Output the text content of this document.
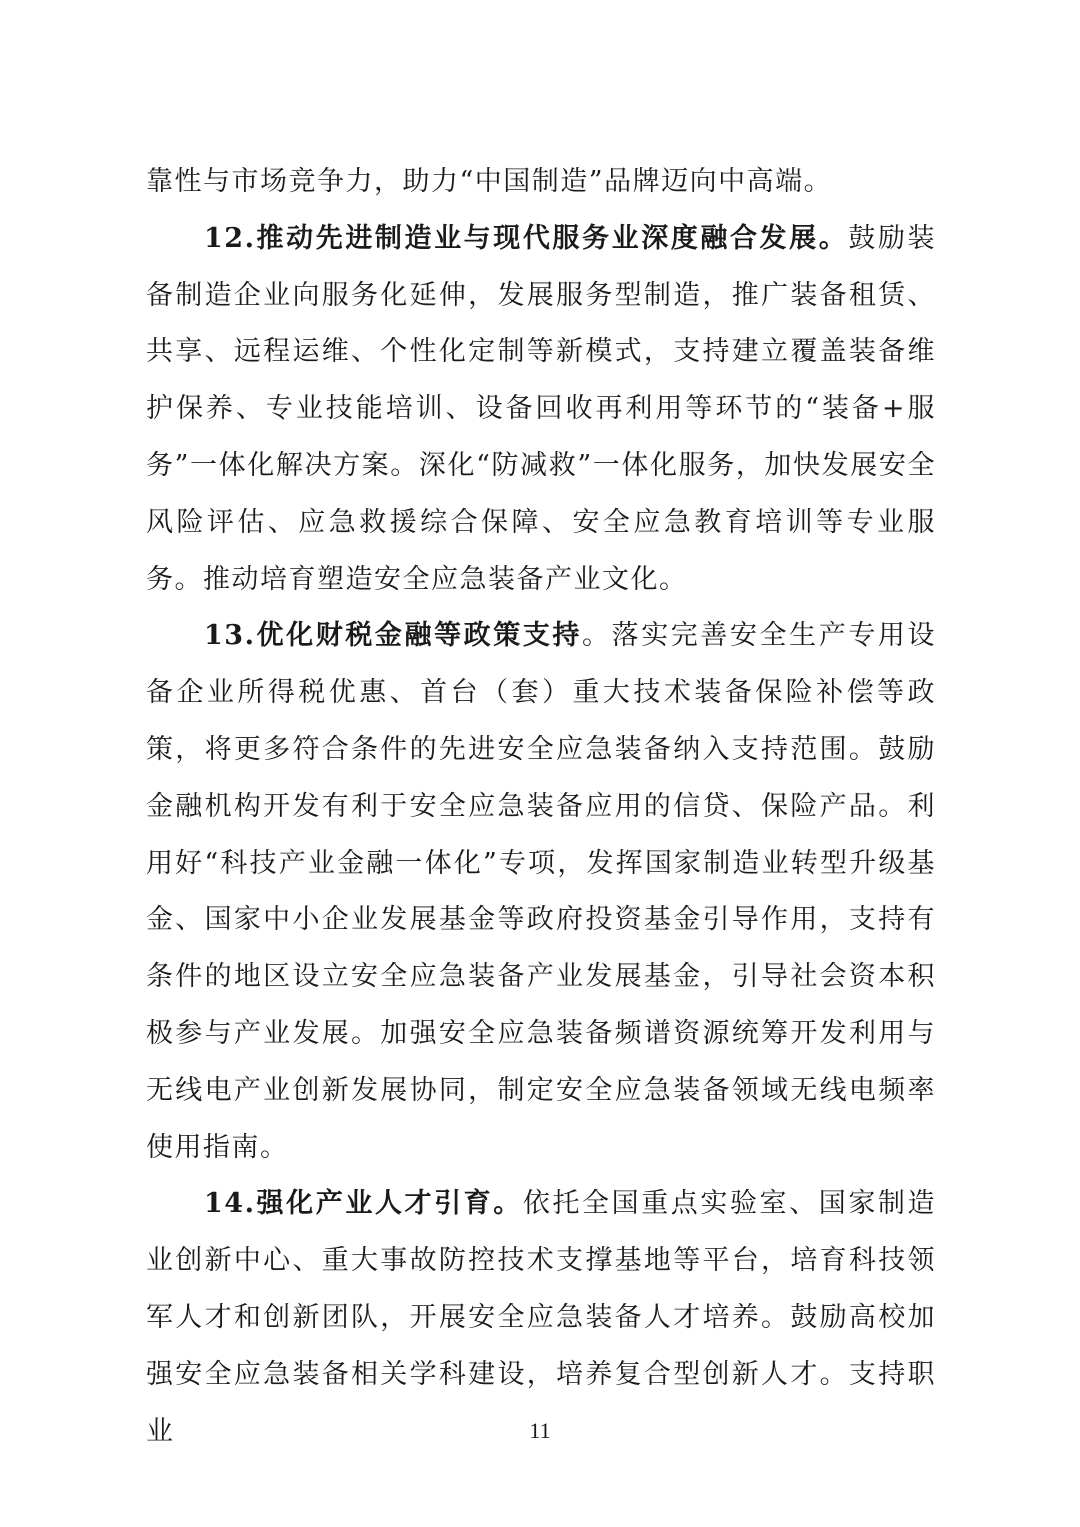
靠性与市场竞争力，助力“中国制造”品牌迈向中高端。

12.推动先进制造业与现代服务业深度融合发展。鼓励装备制造企业向服务化延伸，发展服务型制造，推广装备租赁、共享、远程运维、个性化定制等新模式，支持建立覆盖装备维护保养、专业技能培训、设备回收再利用等环节的“装备+服务”一体化解决方案。深化“防减救”一体化服务，加快发展安全风险评估、应急救援综合保障、安全应急教育培训等专业服务。推动培育塑造安全应急装备产业文化。

13.优化财税金融等政策支持。落实完善安全生产专用设备企业所得税优惠、首台（套）重大技术装备保险补偿等政策，将更多符合条件的先进安全应急装备纳入支持范围。鼓励金融机构开发有利于安全应急装备应用的信贷、保险产品。利用好“科技产业金融一体化”专项，发挥国家制造业转型升级基金、国家中小企业发展基金等政府投资基金引导作用，支持有条件的地区设立安全应急装备产业发展基金，引导社会资本积极参与产业发展。加强安全应急装备频谱资源统筹开发利用与无线电产业创新发展协同，制定安全应急装备领域无线电频率使用指南。

14.强化产业人才引育。依托全国重点实验室、国家制造业创新中心、重大事故防控技术支撑基地等平台，培育科技领军人才和创新团队，开展安全应急装备人才培养。鼓励高校加强安全应急装备相关学科建设，培养复合型创新人才。支持职业	11
